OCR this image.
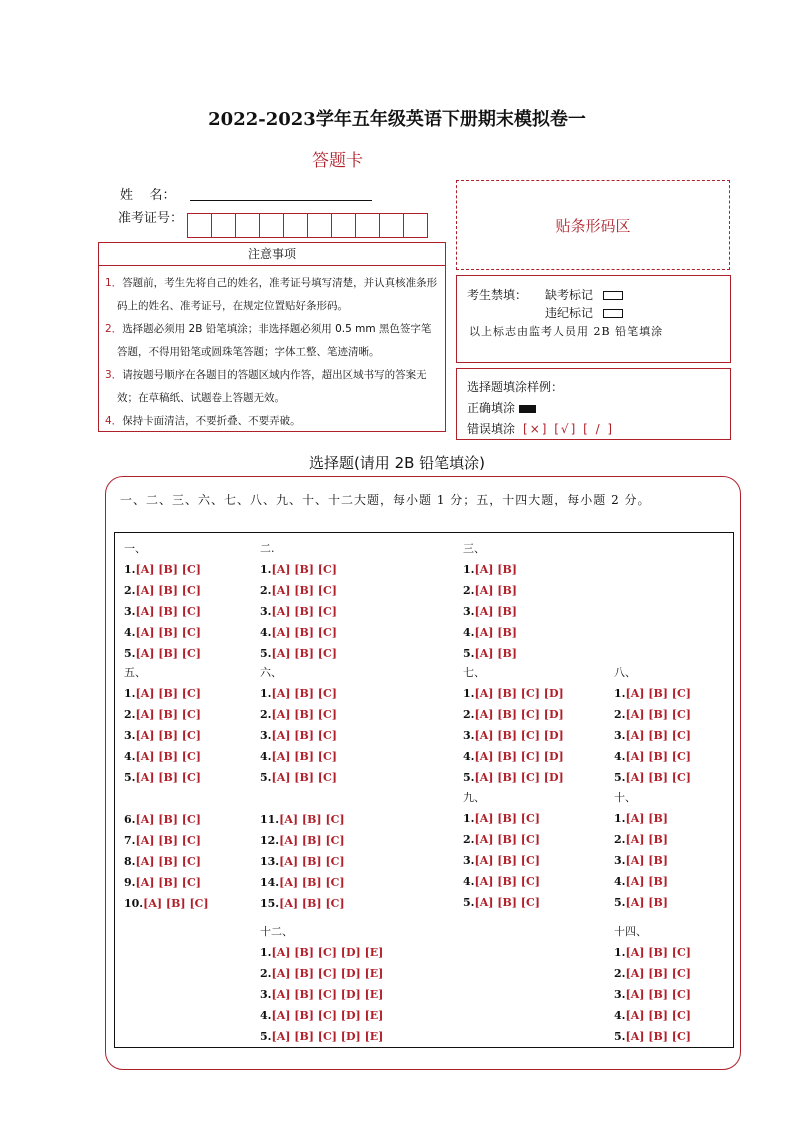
2022-2023学年五年级英语下册期末模拟卷一
答题卡
姓    名：
准考证号：	贴条形码区
注意事项
1．答题前，考生先将自己的姓名，准考证号填写清楚，并认真核准条形码上的姓名、准考证号，在规定位置贴好条形码。
2．选择题必须用 2B 铅笔填涂；非选择题必须用 0.5 mm 黑色签字笔答题，不得用铅笔或圆珠笔答题；字体工整、笔迹清晰。
3．请按题号顺序在各题目的答题区域内作答，超出区域书写的答案无效；在草稿纸、试题卷上答题无效。
4．保持卡面清洁，不要折叠、不要弄破。
考生禁填： 缺考标记
违纪标记
以上标志由监考人员用 2B 铅笔填涂
选择题填涂样例：
正确填涂
错误填涂 [×] [√] [ / ]
选择题(请用 2B 铅笔填涂)
一、二、三、六、七、八、九、十、十二大题，每小题 1 分；五，十四大题，每小题 2 分。
一、
1.[A] [B] [C]
2.[A] [B] [C]
3.[A] [B] [C]
4.[A] [B] [C]
5.[A] [B] [C]
二.
1.[A] [B] [C]
2.[A] [B] [C]
3.[A] [B] [C]
4.[A] [B] [C]
5.[A] [B] [C]
三、
1.[A] [B]
2.[A] [B]
3.[A] [B]
4.[A] [B]
5.[A] [B]
五、
1.[A] [B] [C]
2.[A] [B] [C]
3.[A] [B] [C]
4.[A] [B] [C]
5.[A] [B] [C]
6.[A] [B] [C]
7.[A] [B] [C]
8.[A] [B] [C]
9.[A] [B] [C]
10.[A] [B] [C]
六、
1.[A] [B] [C]
2.[A] [B] [C]
3.[A] [B] [C]
4.[A] [B] [C]
5.[A] [B] [C]
11.[A] [B] [C]
12.[A] [B] [C]
13.[A] [B] [C]
14.[A] [B] [C]
15.[A] [B] [C]
七、
1.[A] [B] [C] [D]
2.[A] [B] [C] [D]
3.[A] [B] [C] [D]
4.[A] [B] [C] [D]
5.[A] [B] [C] [D]
八、
1.[A] [B] [C]
2.[A] [B] [C]
3.[A] [B] [C]
4.[A] [B] [C]
5.[A] [B] [C]
九、
1.[A] [B] [C]
2.[A] [B] [C]
3.[A] [B] [C]
4.[A] [B] [C]
5.[A] [B] [C]
十、
1.[A] [B]
2.[A] [B]
3.[A] [B]
4.[A] [B]
5.[A] [B]
十二、
1.[A] [B] [C] [D] [E]
2.[A] [B] [C] [D] [E]
3.[A] [B] [C] [D] [E]
4.[A] [B] [C] [D] [E]
5.[A] [B] [C] [D] [E]
十四、
1.[A] [B] [C]
2.[A] [B] [C]
3.[A] [B] [C]
4.[A] [B] [C]
5.[A] [B] [C]
